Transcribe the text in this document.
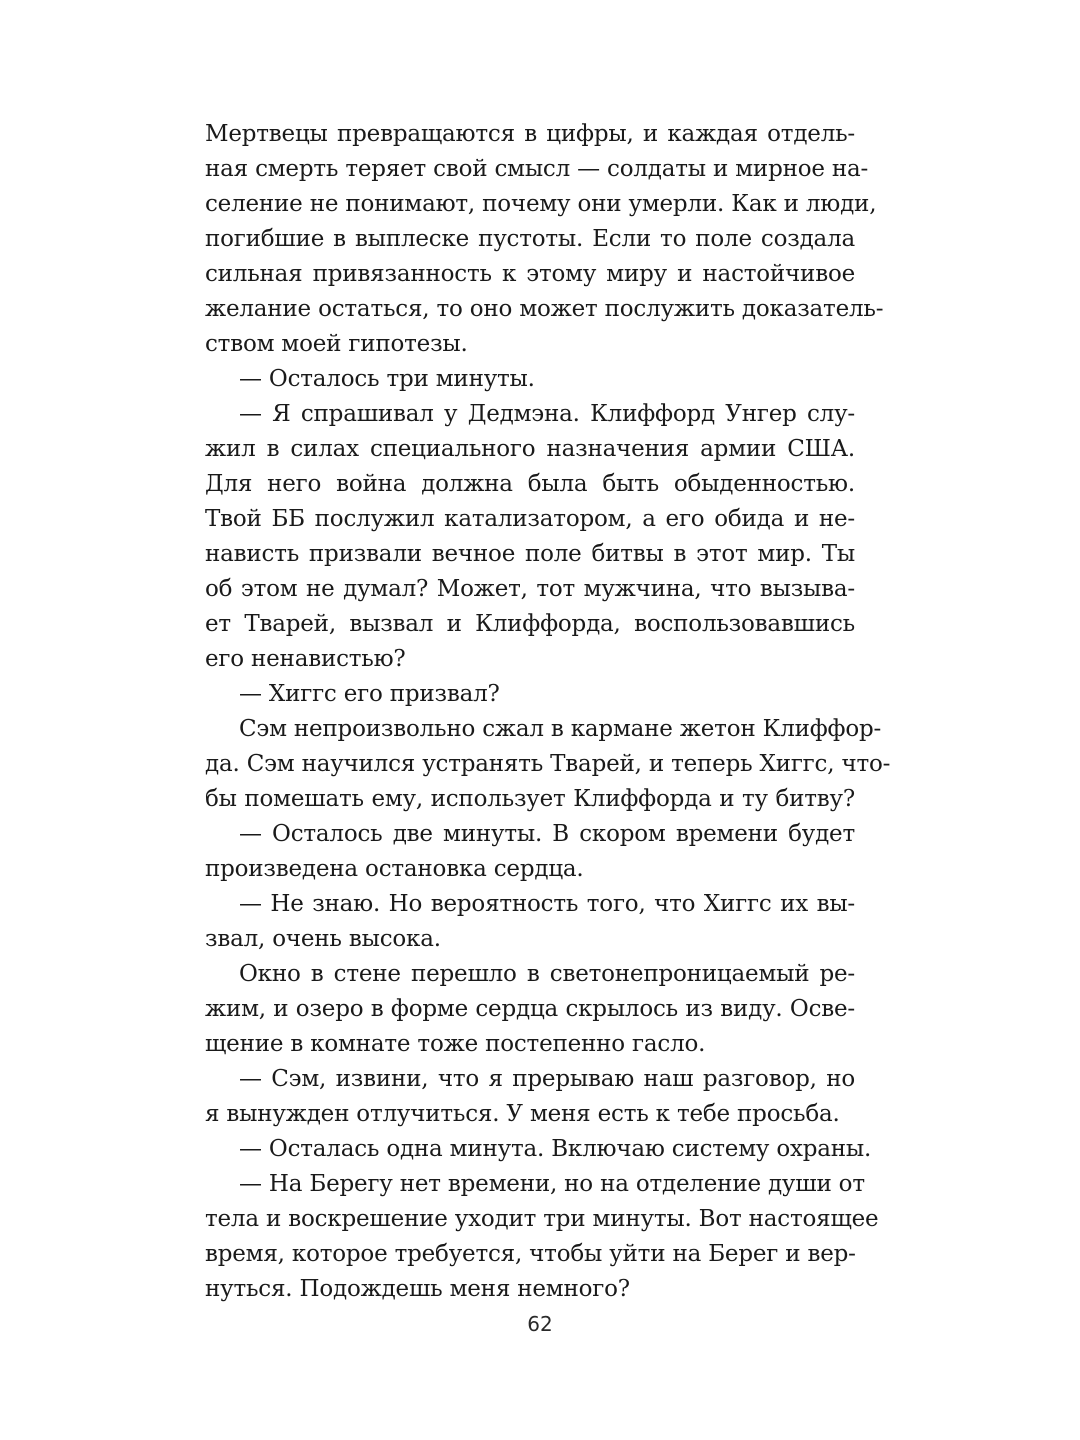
Мертвецы превращаются в цифры, и каждая отдель-
ная смерть теряет свой смысл — солдаты и мирное на-
селение не понимают, почему они умерли. Как и люди,
погибшие в выплеске пустоты. Если то поле создала
сильная привязанность к этому миру и настойчивое
желание остаться, то оно может послужить доказатель-
ством моей гипотезы.
— Осталось три минуты.
— Я спрашивал у Дедмэна. Клиффорд Унгер слу-
жил в силах специального назначения армии США.
Для него война должна была быть обыденностью.
Твой ББ послужил катализатором, а его обида и не-
нависть призвали вечное поле битвы в этот мир. Ты
об этом не думал? Может, тот мужчина, что вызыва-
ет Тварей, вызвал и Клиффорда, воспользовавшись
его ненавистью?
— Хиггс его призвал?
Сэм непроизвольно сжал в кармане жетон Клиффор-
да. Сэм научился устранять Тварей, и теперь Хиггс, что-
бы помешать ему, использует Клиффорда и ту битву?
— Осталось две минуты. В скором времени будет
произведена остановка сердца.
— Не знаю. Но вероятность того, что Хиггс их вы-
звал, очень высока.
Окно в стене перешло в светонепроницаемый ре-
жим, и озеро в форме сердца скрылось из виду. Осве-
щение в комнате тоже постепенно гасло.
— Сэм, извини, что я прерываю наш разговор, но
я вынужден отлучиться. У меня есть к тебе просьба.
— Осталась одна минута. Включаю систему охраны.
— На Берегу нет времени, но на отделение души от
тела и воскрешение уходит три минуты. Вот настоящее
время, которое требуется, чтобы уйти на Берег и вер-
нуться. Подождешь меня немного?
62
